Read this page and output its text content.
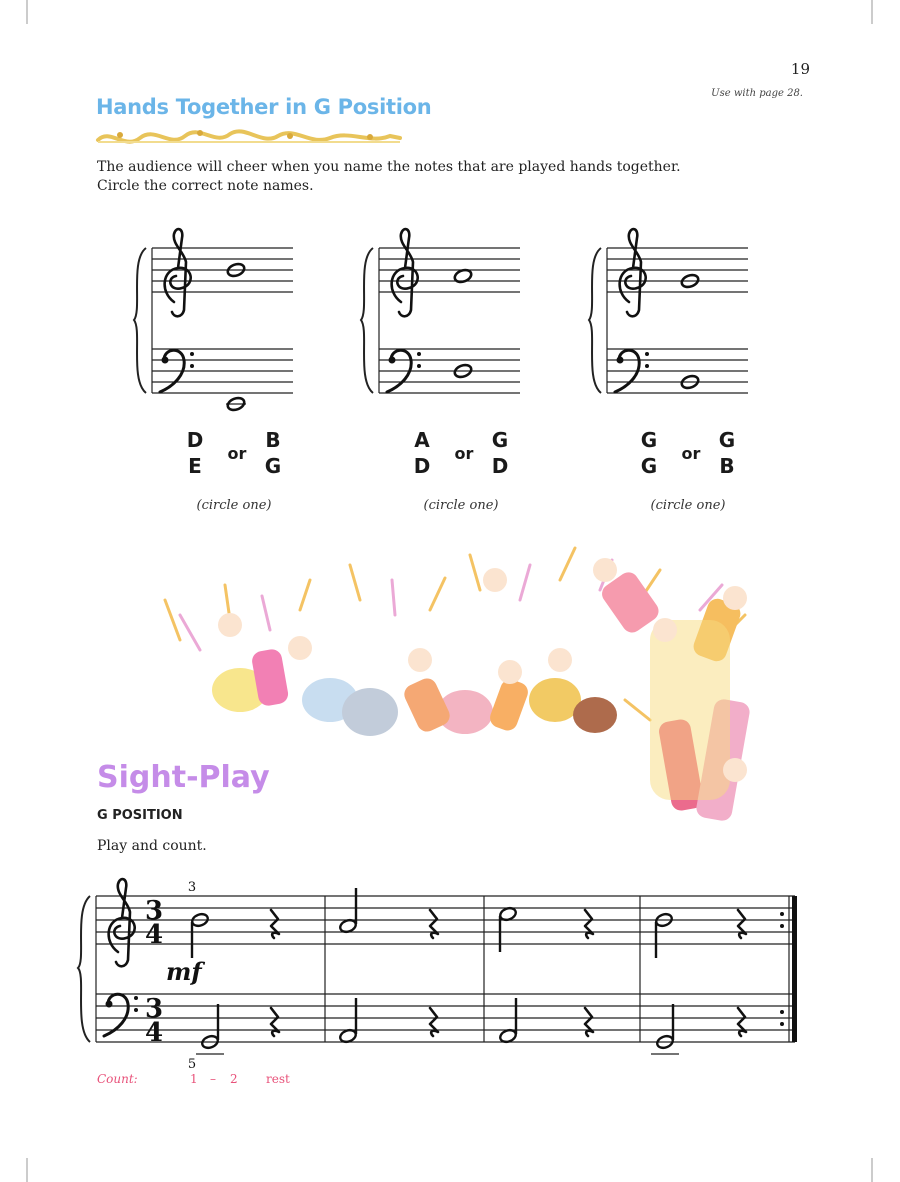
19
Use with page 28.
Hands Together in G Position
The audience will cheer when you name the notes that are played hands together.
Circle the correct note names.
D
E
or
B
G
(circle one)
A
D
or
G
D
(circle one)
G
G
or
G
B
(circle one)
Sight-Play
G POSITION
Play and count.
3
4
3
4
3
5
mf
Count:	1 – 2 rest
